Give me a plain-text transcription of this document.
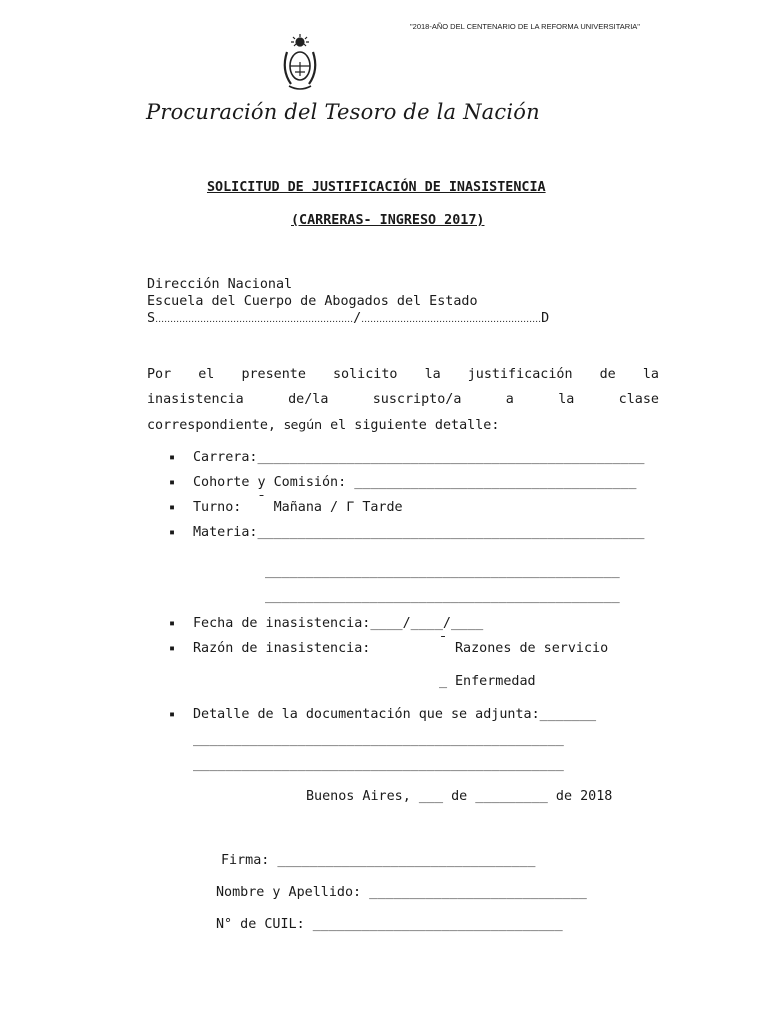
"2018-AÑO DEL CENTENARIO DE LA REFORMA UNIVERSITARIA"
Procuración del Tesoro de la Nación
SOLICITUD DE JUSTIFICACIÓN DE INASISTENCIA
(CARRERAS- INGRESO 2017)
Dirección Nacional
Escuela del Cuerpo de Abogados del Estado
S…………………………………………………………/……………………………………………………D
Por el presente solicito la justificación de la
inasistencia	de/la	suscripto/a	a	la	clase
correspondiente, según el siguiente detalle:
▪ Carrera:________________________________________________
▪ Cohorte y Comisión: ___________________________________
▪ Turno: ¯ Mañana / Γ Tarde
▪ Materia:________________________________________________
____________________________________________
____________________________________________
▪ Fecha de inasistencia:____/____/____
▪ Razón de inasistencia:	¯ Razones de servicio
_ Enfermedad
▪ Detalle de la documentación que se adjunta:_______
______________________________________________
______________________________________________
Buenos Aires, ___ de _________ de 2018
Firma: ________________________________
Nombre y Apellido: ___________________________
N° de CUIL: _______________________________
